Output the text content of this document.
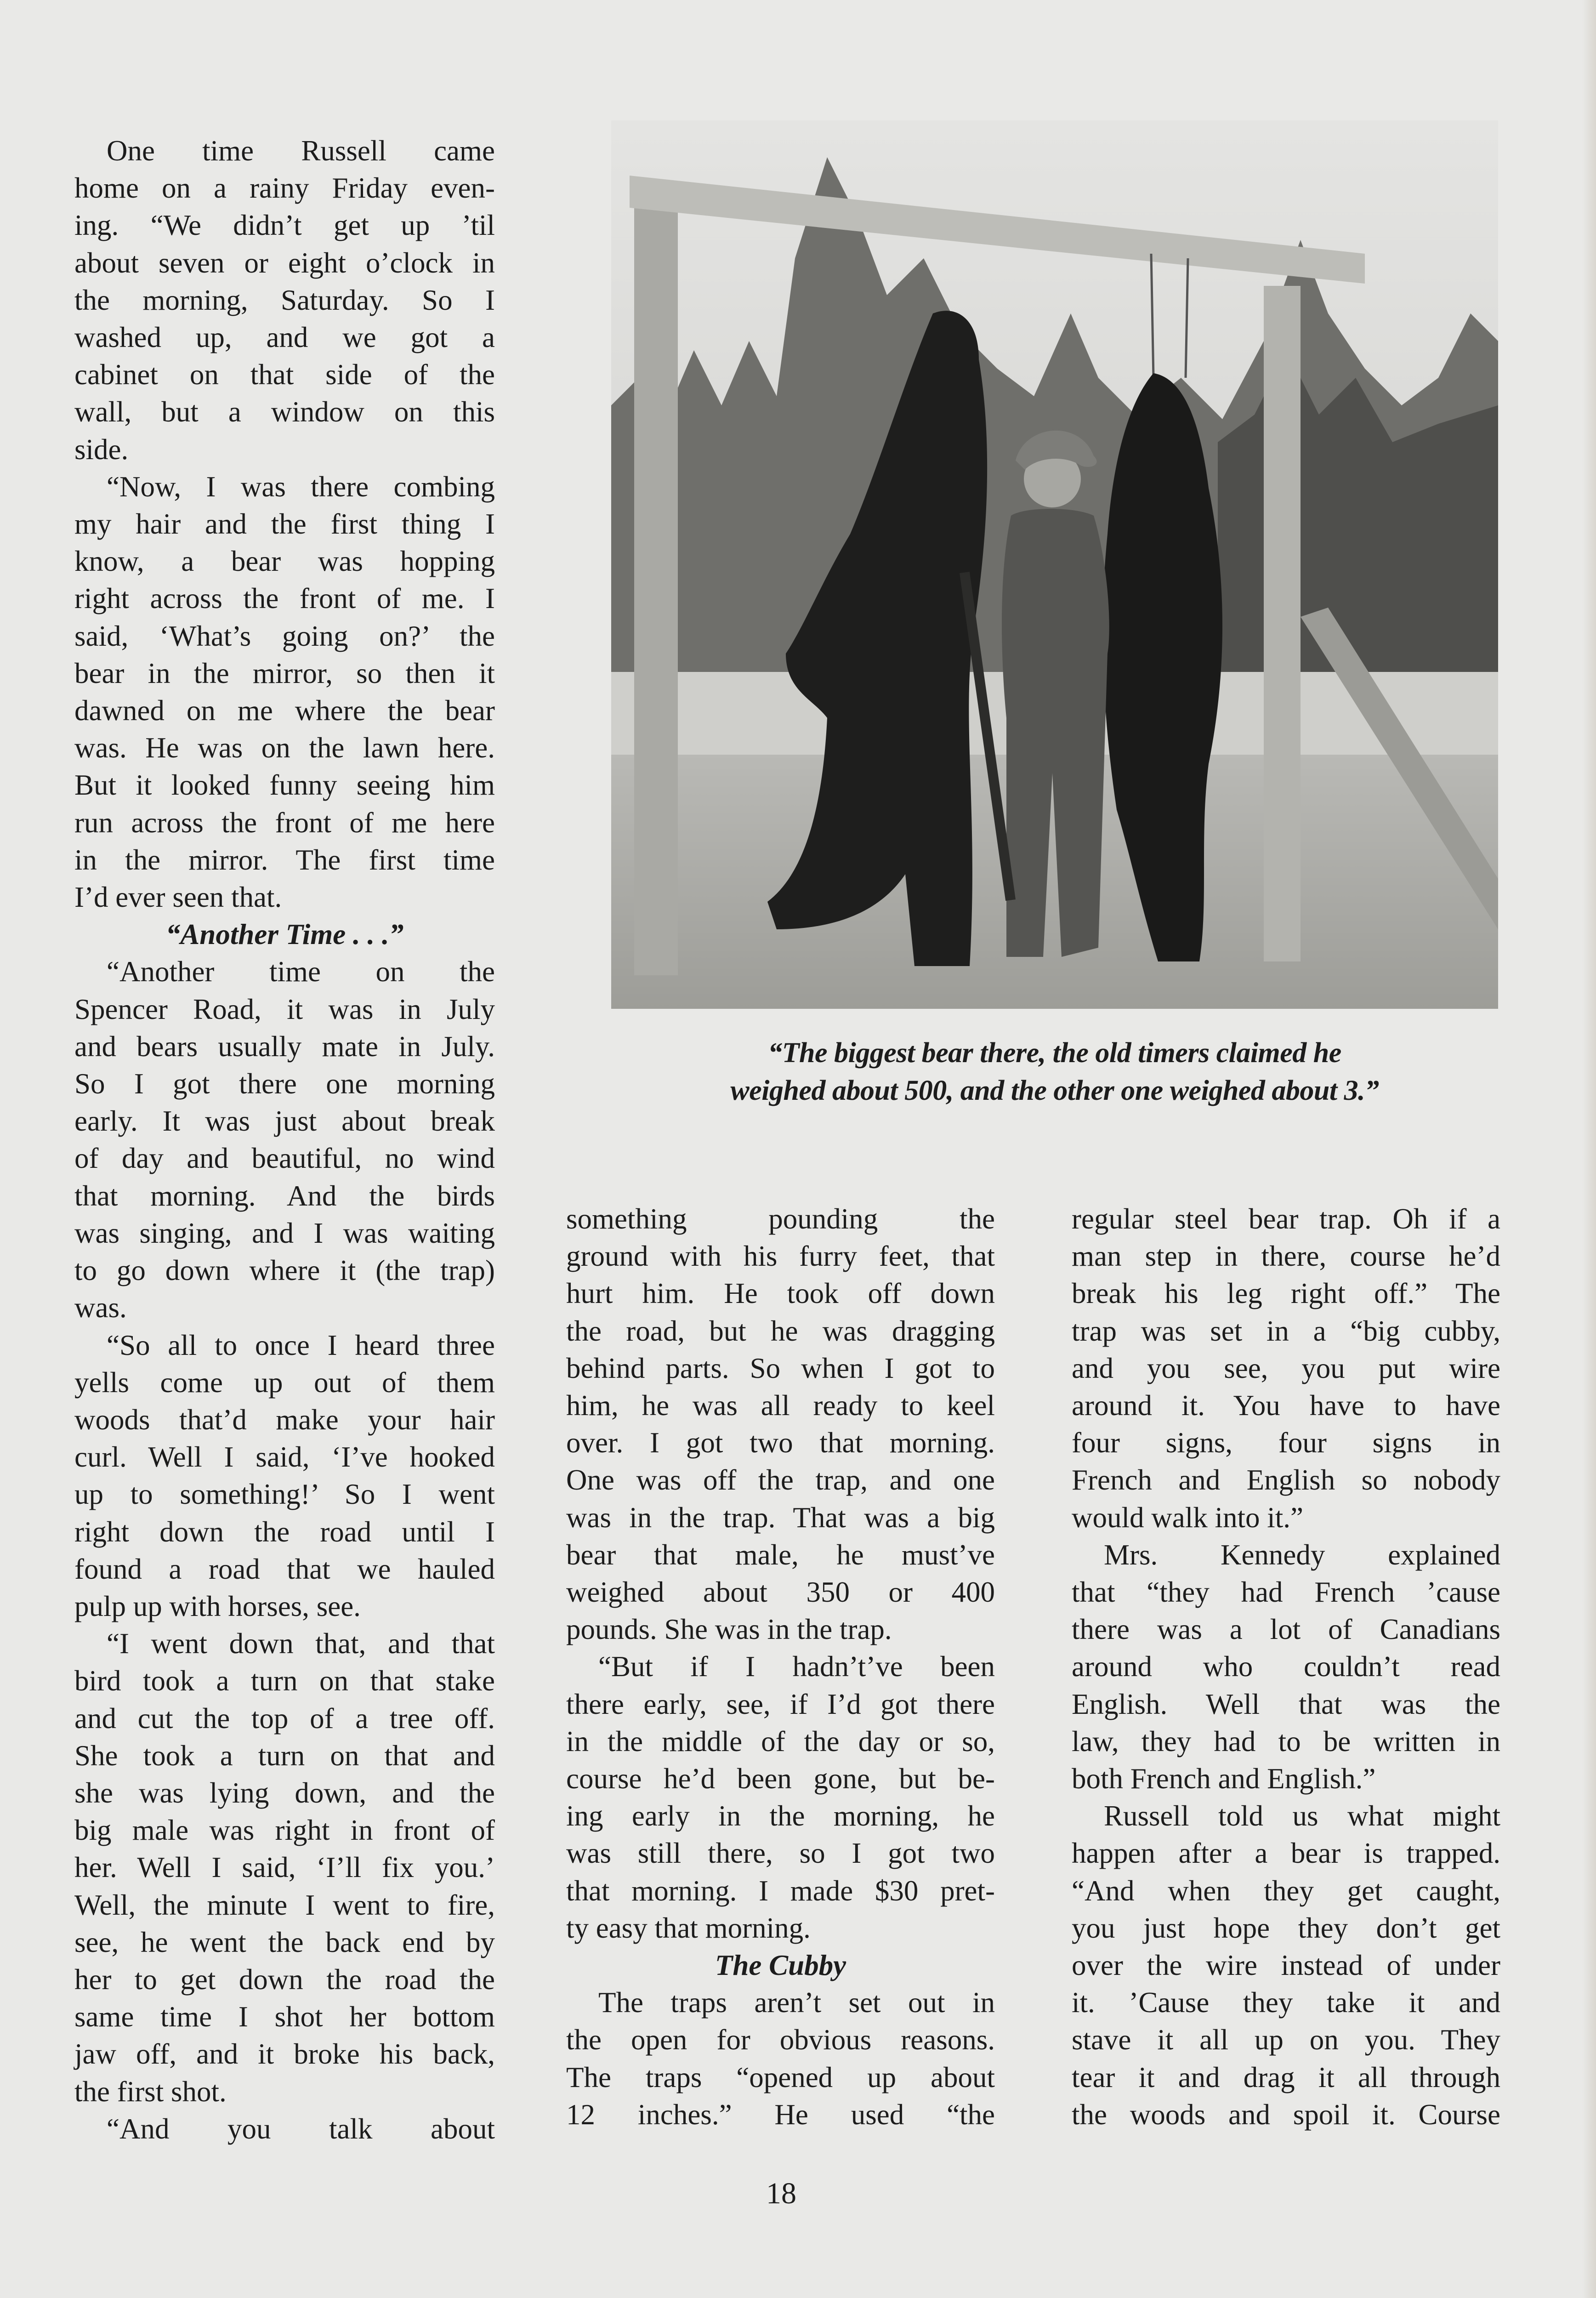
One time Russell came
home on a rainy Friday even-
ing. “We didn’t get up ’til
about seven or eight o’clock in
the morning, Saturday. So I
washed up, and we got a
cabinet on that side of the
wall, but a window on this
side.
“Now, I was there combing
my hair and the first thing I
know, a bear was hopping
right across the front of me. I
said, ‘What’s going on?’ the
bear in the mirror, so then it
dawned on me where the bear
was. He was on the lawn here.
But it looked funny seeing him
run across the front of me here
in the mirror. The first time
I’d ever seen that.
“Another Time . . .”
“Another time on the
Spencer Road, it was in July
and bears usually mate in July.
So I got there one morning
early. It was just about break
of day and beautiful, no wind
that morning. And the birds
was singing, and I was waiting
to go down where it (the trap)
was.
“So all to once I heard three
yells come up out of them
woods that’d make your hair
curl. Well I said, ‘I’ve hooked
up to something!’ So I went
right down the road until I
found a road that we hauled
pulp up with horses, see.
“I went down that, and that
bird took a turn on that stake
and cut the top of a tree off.
She took a turn on that and
she was lying down, and the
big male was right in front of
her. Well I said, ‘I’ll fix you.’
Well, the minute I went to fire,
see, he went the back end by
her to get down the road the
same time I shot her bottom
jaw off, and it broke his back,
the first shot.
“And you talk about
“The biggest bear there, the old timers claimed he
weighed about 500, and the other one weighed about 3.”
something pounding the
ground with his furry feet, that
hurt him. He took off down
the road, but he was dragging
behind parts. So when I got to
him, he was all ready to keel
over. I got two that morning.
One was off the trap, and one
was in the trap. That was a big
bear that male, he must’ve
weighed about 350 or 400
pounds. She was in the trap.
“But if I hadn’t’ve been
there early, see, if I’d got there
in the middle of the day or so,
course he’d been gone, but be-
ing early in the morning, he
was still there, so I got two
that morning. I made $30 pret-
ty easy that morning.
The Cubby
The traps aren’t set out in
the open for obvious reasons.
The traps “opened up about
12 inches.” He used “the
regular steel bear trap. Oh if a
man step in there, course he’d
break his leg right off.” The
trap was set in a “big cubby,
and you see, you put wire
around it. You have to have
four signs, four signs in
French and English so nobody
would walk into it.”
Mrs. Kennedy explained
that “they had French ’cause
there was a lot of Canadians
around who couldn’t read
English. Well that was the
law, they had to be written in
both French and English.”
Russell told us what might
happen after a bear is trapped.
“And when they get caught,
you just hope they don’t get
over the wire instead of under
it. ’Cause they take it and
stave it all up on you. They
tear it and drag it all through
the woods and spoil it. Course
18
